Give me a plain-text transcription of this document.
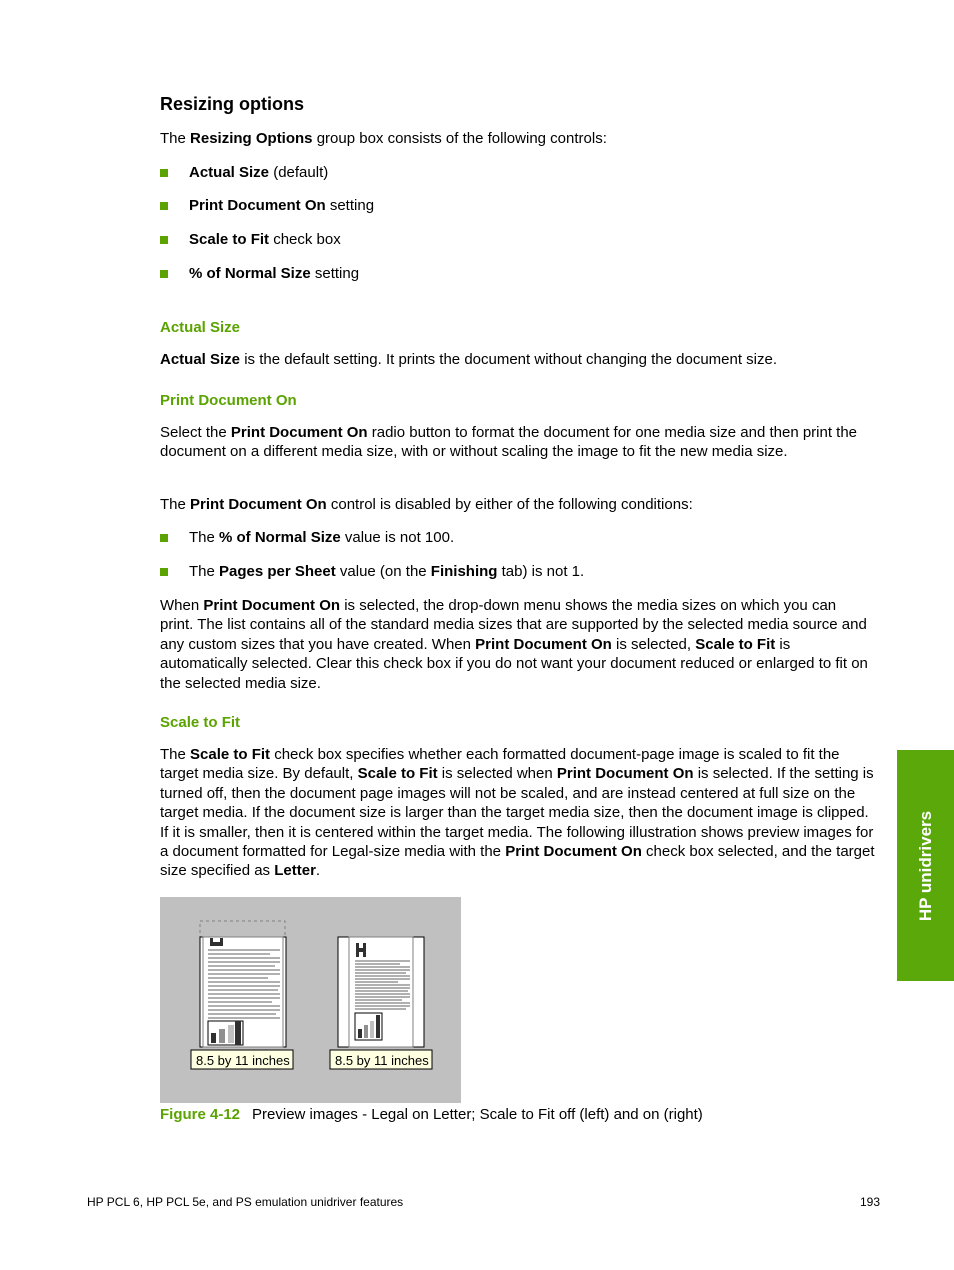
Resizing options

The Resizing Options group box consists of the following controls:

Actual Size (default)
Print Document On setting
Scale to Fit check box
% of Normal Size setting
Actual Size

Actual Size is the default setting. It prints the document without changing the document size.

Print Document On

Select the Print Document On radio button to format the document for one media size and then print the document on a different media size, with or without scaling the image to fit the new media size.

The Print Document On control is disabled by either of the following conditions:

The % of Normal Size value is not 100.
The Pages per Sheet value (on the Finishing tab) is not 1.

When Print Document On is selected, the drop-down menu shows the media sizes on which you can print. The list contains all of the standard media sizes that are supported by the selected media source and any custom sizes that you have created. When Print Document On is selected, Scale to Fit is automatically selected. Clear this check box if you do not want your document reduced or enlarged to fit on the selected media size.

Scale to Fit

The Scale to Fit check box specifies whether each formatted document-page image is scaled to fit the target media size. By default, Scale to Fit is selected when Print Document On is selected. If the setting is turned off, then the document page images will not be scaled, and are instead centered at full size on the target media. If the document size is larger than the target media size, then the document image is clipped. If it is smaller, then it is centered within the target media. The following illustration shows preview images for a document formatted for Legal-size media with the Print Document On check box selected, and the target size specified as Letter.

8.5 by 11 inches	8.5 by 11 inches
Figure 4-12 Preview images - Legal on Letter; Scale to Fit off (left) and on (right)
HP unidrivers
HP PCL 6, HP PCL 5e, and PS emulation unidriver features	193
